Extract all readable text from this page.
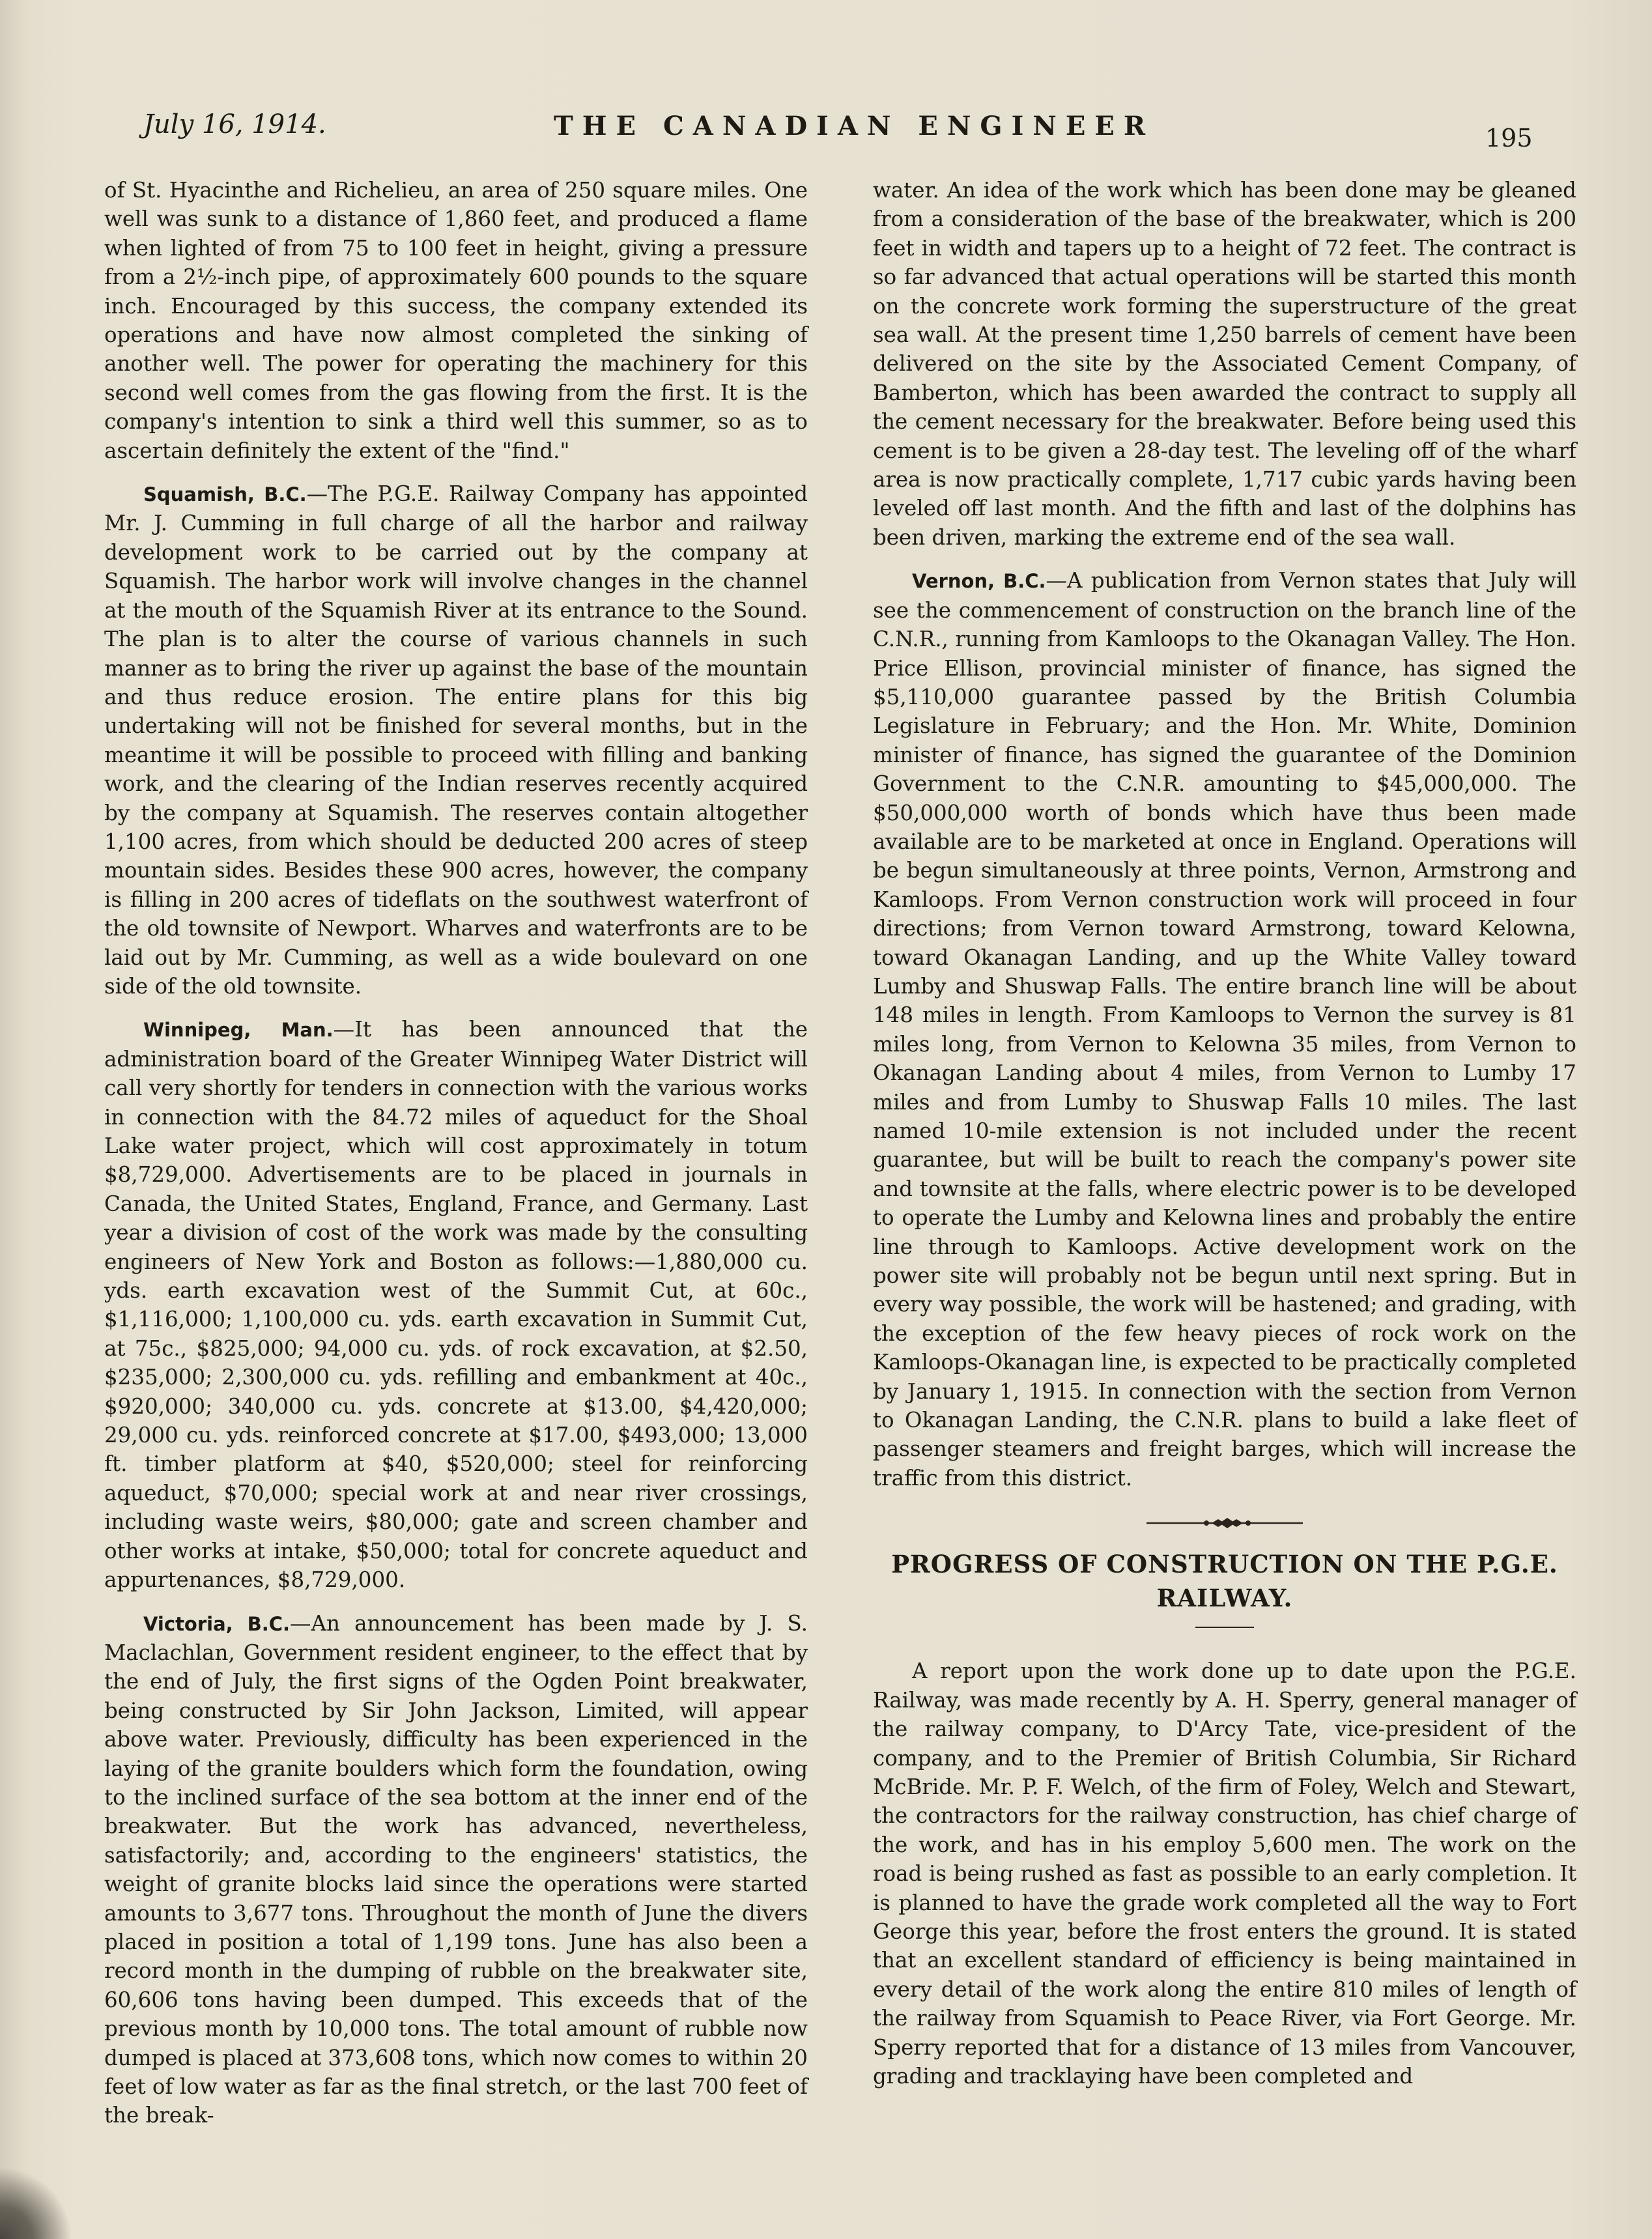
July 16, 1914.	THE CANADIAN ENGINEER	195

of St. Hyacinthe and Richelieu, an area of 250 square miles. One well was sunk to a distance of 1,860 feet, and produced a flame when lighted of from 75 to 100 feet in height, giving a pressure from a 2½-inch pipe, of approximately 600 pounds to the square inch. Encouraged by this success, the company extended its operations and have now almost completed the sinking of another well. The power for operating the machinery for this second well comes from the gas flowing from the first. It is the company's intention to sink a third well this summer, so as to ascertain definitely the extent of the "find."

Squamish, B.C.—The P.G.E. Railway Company has appointed Mr. J. Cumming in full charge of all the harbor and railway development work to be carried out by the company at Squamish. The harbor work will involve changes in the channel at the mouth of the Squamish River at its entrance to the Sound. The plan is to alter the course of various channels in such manner as to bring the river up against the base of the mountain and thus reduce erosion. The entire plans for this big undertaking will not be finished for several months, but in the meantime it will be possible to proceed with filling and banking work, and the clearing of the Indian reserves recently acquired by the company at Squamish. The reserves contain altogether 1,100 acres, from which should be deducted 200 acres of steep mountain sides. Besides these 900 acres, however, the company is filling in 200 acres of tideflats on the southwest waterfront of the old townsite of Newport. Wharves and waterfronts are to be laid out by Mr. Cumming, as well as a wide boulevard on one side of the old townsite.

Winnipeg, Man.—It has been announced that the administration board of the Greater Winnipeg Water District will call very shortly for tenders in connection with the various works in connection with the 84.72 miles of aqueduct for the Shoal Lake water project, which will cost approximately in totum $8,729,000. Advertisements are to be placed in journals in Canada, the United States, England, France, and Germany. Last year a division of cost of the work was made by the consulting engineers of New York and Boston as follows:—1,880,000 cu. yds. earth excavation west of the Summit Cut, at 60c., $1,116,000; 1,100,000 cu. yds. earth excavation in Summit Cut, at 75c., $825,000; 94,000 cu. yds. of rock excavation, at $2.50, $235,000; 2,300,000 cu. yds. refilling and embankment at 40c., $920,000; 340,000 cu. yds. concrete at $13.00, $4,420,000; 29,000 cu. yds. reinforced concrete at $17.00, $493,000; 13,000 ft. timber platform at $40, $520,000; steel for reinforcing aqueduct, $70,000; special work at and near river crossings, including waste weirs, $80,000; gate and screen chamber and other works at intake, $50,000; total for concrete aqueduct and appurtenances, $8,729,000.

Victoria, B.C.—An announcement has been made by J. S. Maclachlan, Government resident engineer, to the effect that by the end of July, the first signs of the Ogden Point breakwater, being constructed by Sir John Jackson, Limited, will appear above water. Previously, difficulty has been experienced in the laying of the granite boulders which form the foundation, owing to the inclined surface of the sea bottom at the inner end of the breakwater. But the work has advanced, nevertheless, satisfactorily; and, according to the engineers' statistics, the weight of granite blocks laid since the operations were started amounts to 3,677 tons. Throughout the month of June the divers placed in position a total of 1,199 tons. June has also been a record month in the dumping of rubble on the breakwater site, 60,606 tons having been dumped. This exceeds that of the previous month by 10,000 tons. The total amount of rubble now dumped is placed at 373,608 tons, which now comes to within 20 feet of low water as far as the final stretch, or the last 700 feet of the break-

water. An idea of the work which has been done may be gleaned from a consideration of the base of the breakwater, which is 200 feet in width and tapers up to a height of 72 feet. The contract is so far advanced that actual operations will be started this month on the concrete work forming the superstructure of the great sea wall. At the present time 1,250 barrels of cement have been delivered on the site by the Associated Cement Company, of Bamberton, which has been awarded the contract to supply all the cement necessary for the breakwater. Before being used this cement is to be given a 28-day test. The leveling off of the wharf area is now practically complete, 1,717 cubic yards having been leveled off last month. And the fifth and last of the dolphins has been driven, marking the extreme end of the sea wall.

Vernon, B.C.—A publication from Vernon states that July will see the commencement of construction on the branch line of the C.N.R., running from Kamloops to the Okanagan Valley. The Hon. Price Ellison, provincial minister of finance, has signed the $5,110,000 guarantee passed by the British Columbia Legislature in February; and the Hon. Mr. White, Dominion minister of finance, has signed the guarantee of the Dominion Government to the C.N.R. amounting to $45,000,000. The $50,000,000 worth of bonds which have thus been made available are to be marketed at once in England. Operations will be begun simultaneously at three points, Vernon, Armstrong and Kamloops. From Vernon construction work will proceed in four directions; from Vernon toward Armstrong, toward Kelowna, toward Okanagan Landing, and up the White Valley toward Lumby and Shuswap Falls. The entire branch line will be about 148 miles in length. From Kamloops to Vernon the survey is 81 miles long, from Vernon to Kelowna 35 miles, from Vernon to Okanagan Landing about 4 miles, from Vernon to Lumby 17 miles and from Lumby to Shuswap Falls 10 miles. The last named 10-mile extension is not included under the recent guarantee, but will be built to reach the company's power site and townsite at the falls, where electric power is to be developed to operate the Lumby and Kelowna lines and probably the entire line through to Kamloops. Active development work on the power site will probably not be begun until next spring. But in every way possible, the work will be hastened; and grading, with the exception of the few heavy pieces of rock work on the Kamloops-Okanagan line, is expected to be practically completed by January 1, 1915. In connection with the section from Vernon to Okanagan Landing, the C.N.R. plans to build a lake fleet of passenger steamers and freight barges, which will increase the traffic from this district.

PROGRESS OF CONSTRUCTION ON THE P.G.E. RAILWAY.

A report upon the work done up to date upon the P.G.E. Railway, was made recently by A. H. Sperry, general manager of the railway company, to D'Arcy Tate, vice-president of the company, and to the Premier of British Columbia, Sir Richard McBride. Mr. P. F. Welch, of the firm of Foley, Welch and Stewart, the contractors for the railway construction, has chief charge of the work, and has in his employ 5,600 men. The work on the road is being rushed as fast as possible to an early completion. It is planned to have the grade work completed all the way to Fort George this year, before the frost enters the ground. It is stated that an excellent standard of efficiency is being maintained in every detail of the work along the entire 810 miles of length of the railway from Squamish to Peace River, via Fort George. Mr. Sperry reported that for a distance of 13 miles from Vancouver, grading and tracklaying have been completed and
